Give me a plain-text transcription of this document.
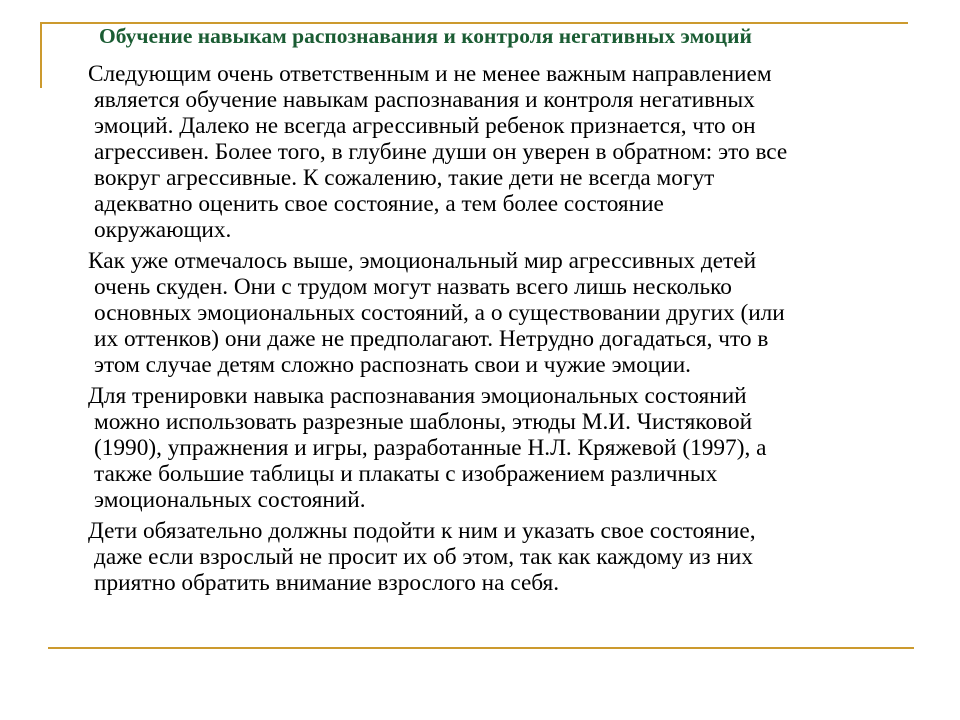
Обучение навыкам распознавания и контроля негативных эмоций

Следующим очень ответственным и не менее важным направлением
является обучение навыкам распознавания и контроля негативных
эмоций. Далеко не всегда агрессивный ребенок признается, что он
агрессивен. Более того, в глубине души он уверен в обратном: это все
вокруг агрессивные. К сожалению, такие дети не всегда могут
адекватно оценить свое состояние, а тем более состояние
окружающих.

Как уже отмечалось выше, эмоциональный мир агрессивных детей
очень скуден. Они с трудом могут назвать всего лишь несколько
основных эмоциональных состояний, а о существовании других (или
их оттенков) они даже не предполагают. Нетрудно догадаться, что в
этом случае детям сложно распознать свои и чужие эмоции.

Для тренировки навыка распознавания эмоциональных состояний
можно использовать разрезные шаблоны, этюды М.И. Чистяковой
(1990), упражнения и игры, разработанные Н.Л. Кряжевой (1997), а
также большие таблицы и плакаты с изображением различных
эмоциональных состояний.

Дети обязательно должны подойти к ним и указать свое состояние,
даже если взрослый не просит их об этом, так как каждому из них
приятно обратить внимание взрослого на себя.
